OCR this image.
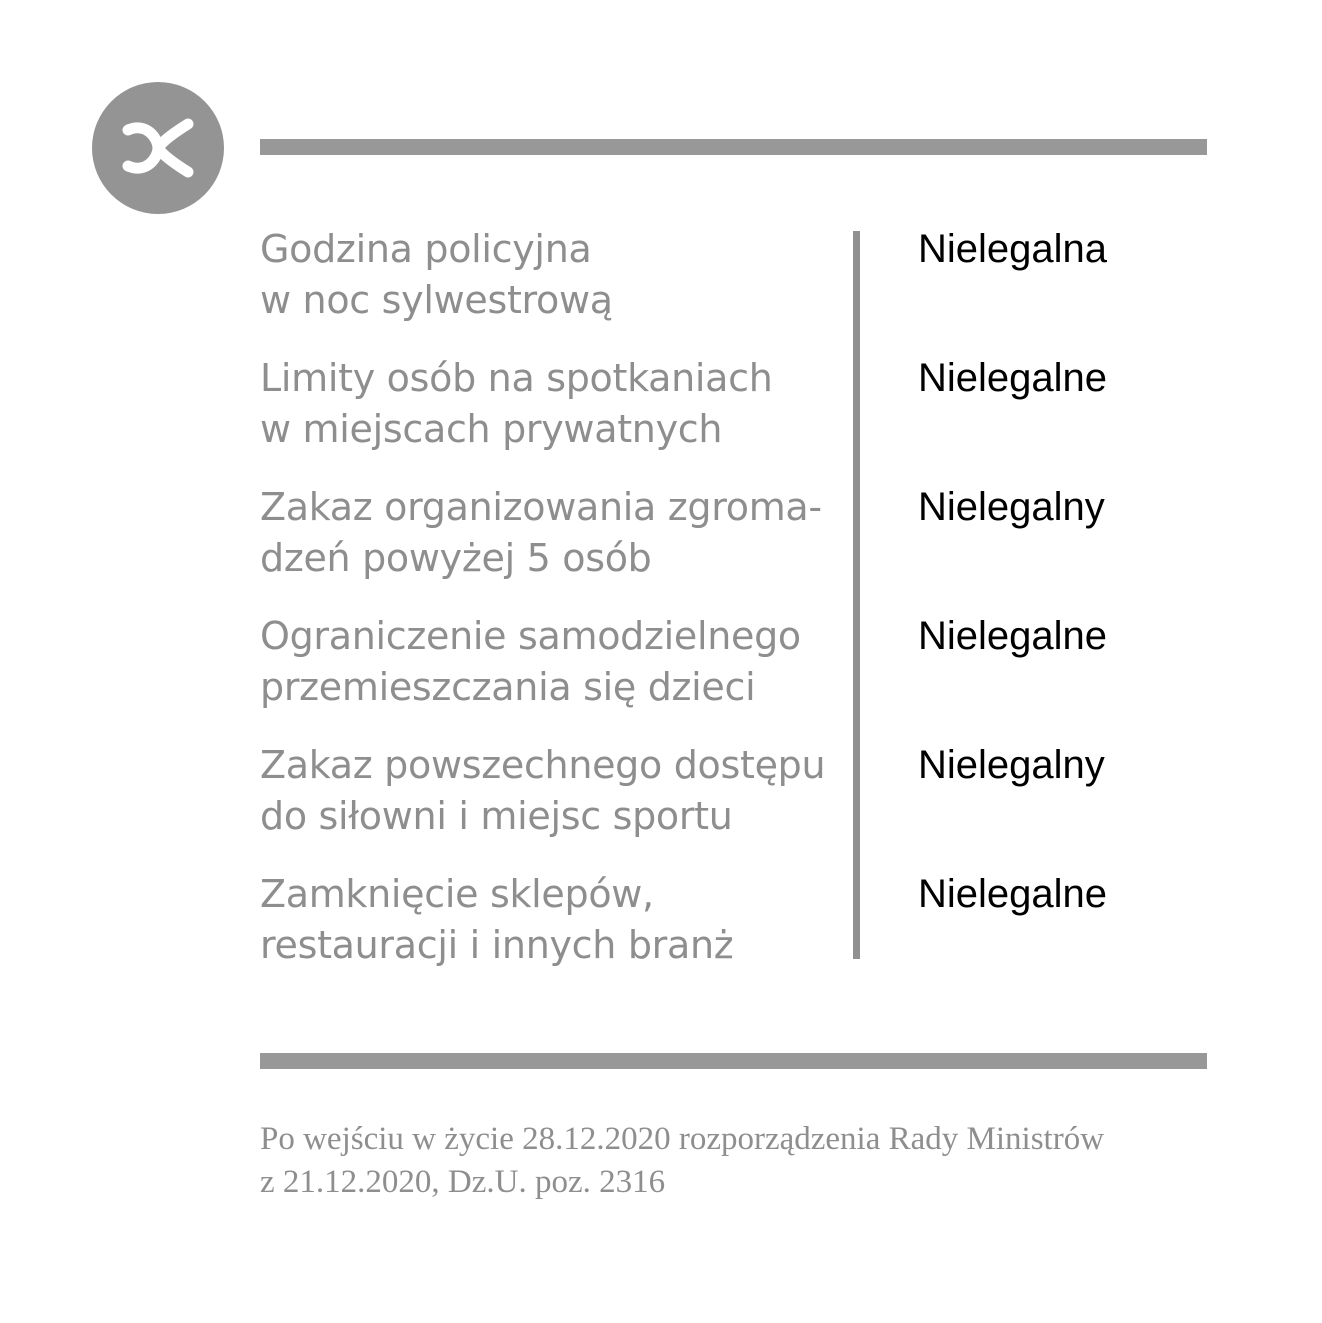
Godzina policyjna
w noc sylwestrową
Nielegalna
Limity osób na spotkaniach
w miejscach prywatnych
Nielegalne
Zakaz organizowania zgroma-
dzeń powyżej 5 osób
Nielegalny
Ograniczenie samodzielnego
przemieszczania się dzieci
Nielegalne
Zakaz powszechnego dostępu
do siłowni i miejsc sportu
Nielegalny
Zamknięcie sklepów,
restauracji i innych branż
Nielegalne
Po wejściu w życie 28.12.2020 rozporządzenia Rady Ministrów
z 21.12.2020, Dz.U. poz. 2316
